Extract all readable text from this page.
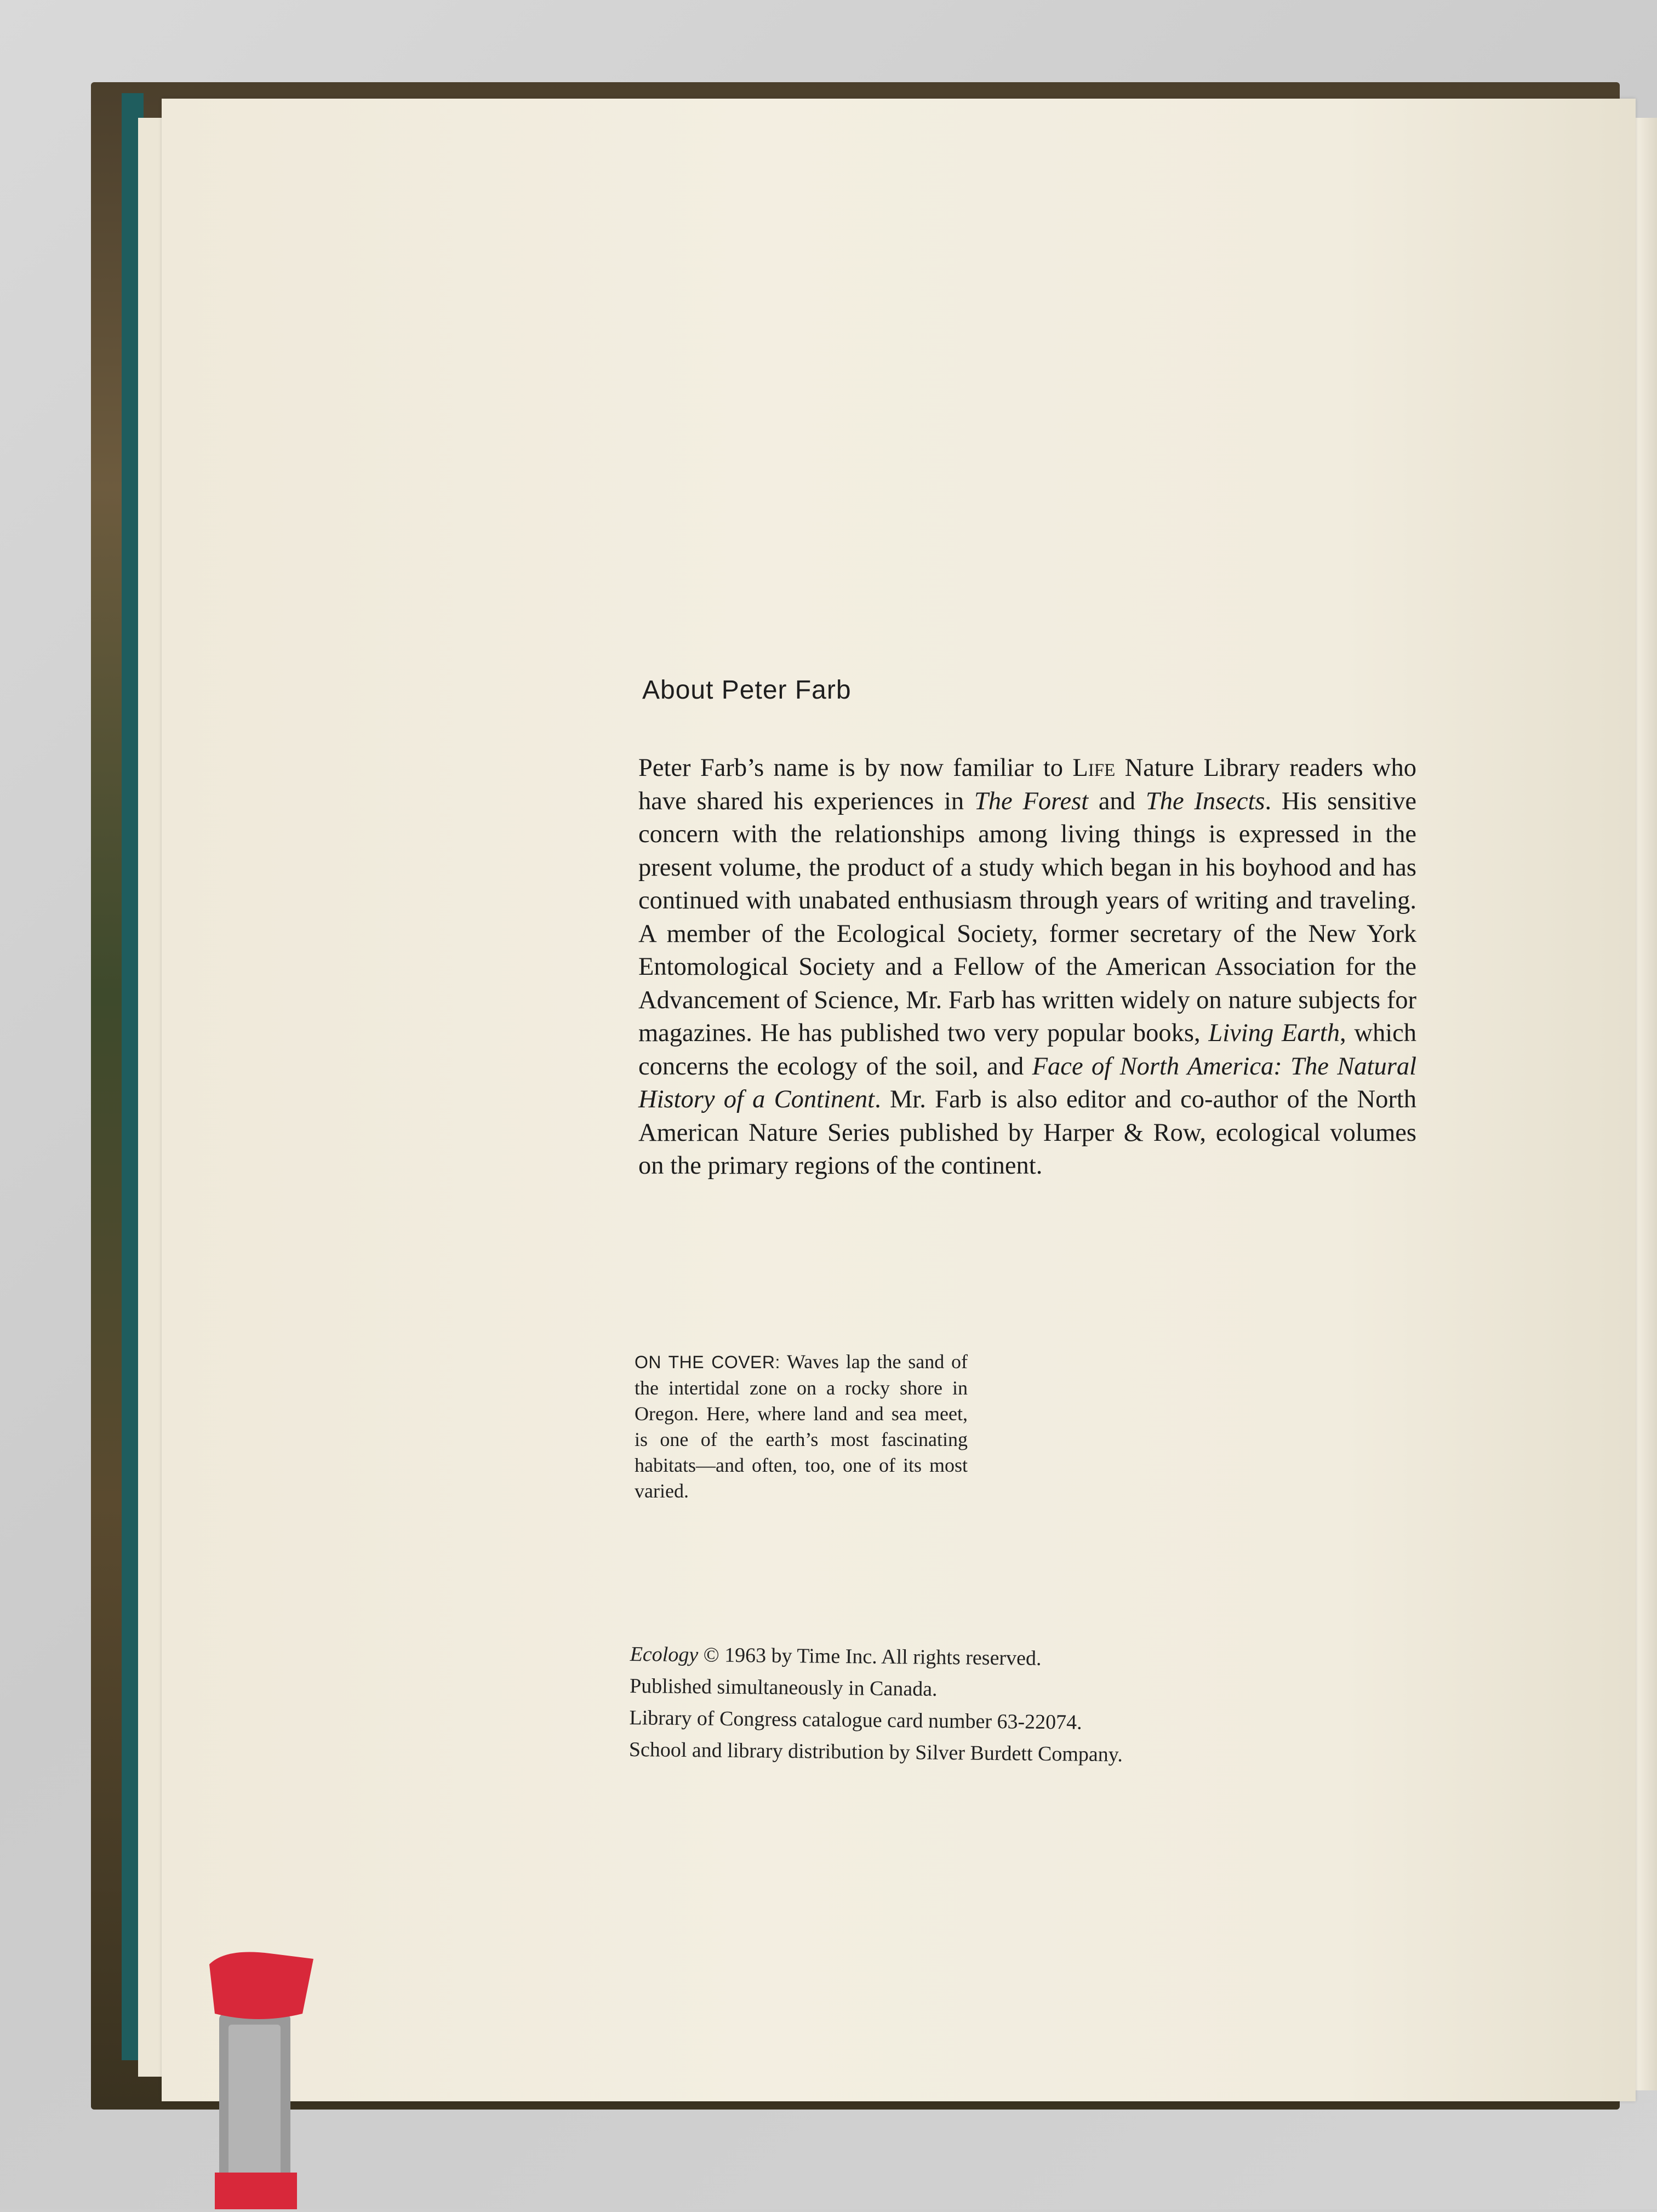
About Peter Farb

Peter Farb’s name is by now familiar to Life Nature Library readers who have shared his experiences in The Forest and The Insects. His sensitive concern with the relationships among living things is expressed in the present volume, the product of a study which began in his boyhood and has continued with unabated enthusiasm through years of writing and traveling. A member of the Ecological Society, former secretary of the New York Entomological Society and a Fellow of the American Association for the Advancement of Science, Mr. Farb has written widely on nature subjects for magazines. He has published two very popular books, Living Earth, which concerns the ecology of the soil, and Face of North America: The Natural History of a Continent. Mr. Farb is also editor and co-author of the North American Nature Series published by Harper & Row, ecological volumes on the primary regions of the continent.

ON THE COVER: Waves lap the sand of the intertidal zone on a rocky shore in Oregon. Here, where land and sea meet, is one of the earth’s most fascinating habitats—and often, too, one of its most varied.

Ecology © 1963 by Time Inc. All rights reserved.
Published simultaneously in Canada.
Library of Congress catalogue card number 63-22074.
School and library distribution by Silver Burdett Company.
